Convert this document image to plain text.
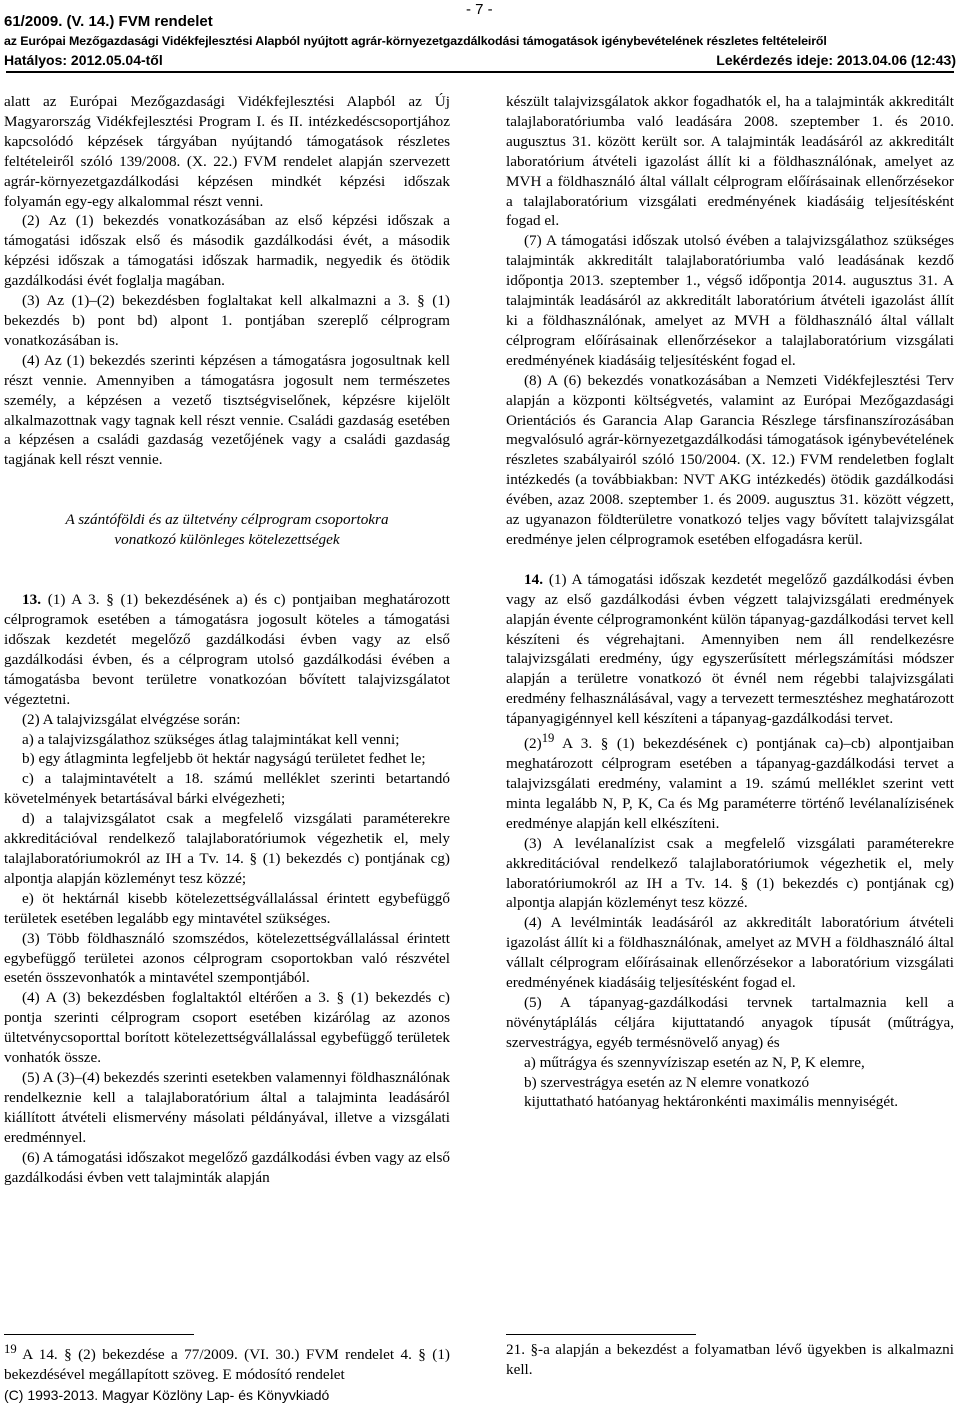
61/2009. (V. 14.) FVM rendelet
- 7 -
az Európai Mezőgazdasági Vidékfejlesztési Alapból nyújtott agrár-környezetgazdálkodási támogatások igénybevételének részletes feltételeiről
Hatályos: 2012.05.04-től	Lekérdezés ideje: 2013.04.06 (12:43)

alatt az Európai Mezőgazdasági Vidékfejlesztési Alapból az Új Magyarország Vidékfejlesztési Program I. és II. intézkedéscsoportjához kapcsolódó képzések tárgyában nyújtandó támogatások részletes feltételeiről szóló 139/2008. (X. 22.) FVM rendelet alapján szervezett agrár-környezetgazdálkodási képzésen mindkét képzési időszak folyamán egy-egy alkalommal részt venni.

(2) Az (1) bekezdés vonatkozásában az első képzési időszak a támogatási időszak első és második gazdálkodási évét, a második képzési időszak a támogatási időszak harmadik, negyedik és ötödik gazdálkodási évét foglalja magában.

(3) Az (1)–(2) bekezdésben foglaltakat kell alkalmazni a 3. § (1) bekezdés b) pont bd) alpont 1. pontjában szereplő célprogram vonatkozásában is.

(4) Az (1) bekezdés szerinti képzésen a támogatásra jogosultnak kell részt vennie. Amennyiben a támogatásra jogosult nem természetes személy, a képzésen a vezető tisztségviselőnek, képzésre kijelölt alkalmazottnak vagy tagnak kell részt vennie. Családi gazdaság esetében a képzésen a családi gazdaság vezetőjének vagy a családi gazdaság tagjának kell részt vennie.

A szántóföldi és az ültetvény célprogram csoportokra
vonatkozó különleges kötelezettségek

13. (1) A 3. § (1) bekezdésének a) és c) pontjaiban meghatározott célprogramok esetében a támogatásra jogosult köteles a támogatási időszak kezdetét megelőző gazdálkodási évben vagy az első gazdálkodási évben, és a célprogram utolsó gazdálkodási évében a támogatásba bevont területre vonatkozóan bővített talajvizsgálatot végeztetni.

(2) A talajvizsgálat elvégzése során:

a) a talajvizsgálathoz szükséges átlag talajmintákat kell venni;

b) egy átlagminta legfeljebb öt hektár nagyságú területet fedhet le;

c) a talajmintavételt a 18. számú melléklet szerinti betartandó követelmények betartásával bárki elvégezheti;

d) a talajvizsgálatot csak a megfelelő vizsgálati paraméterekre akkreditációval rendelkező talajlaboratóriumok végezhetik el, mely talajlaboratóriumokról az IH a Tv. 14. § (1) bekezdés c) pontjának cg) alpontja alapján közleményt tesz közzé;

e) öt hektárnál kisebb kötelezettségvállalással érintett egybefüggő területek esetében legalább egy mintavétel szükséges.

(3) Több földhasználó szomszédos, kötelezettségvállalással érintett egybefüggő területei azonos célprogram csoportokban való részvétel esetén összevonhatók a mintavétel szempontjából.

(4) A (3) bekezdésben foglaltaktól eltérően a 3. § (1) bekezdés c) pontja szerinti célprogram csoport esetében kizárólag az azonos ültetvénycsoporttal borított kötelezettségvállalással egybefüggő területek vonhatók össze.

(5) A (3)–(4) bekezdés szerinti esetekben valamennyi földhasználónak rendelkeznie kell a talajlaboratórium által a talajminta leadásáról kiállított átvételi elismervény másolati példányával, illetve a vizsgálati eredménnyel.

(6) A támogatási időszakot megelőző gazdálkodási évben vagy az első gazdálkodási évben vett talajminták alapján

készült talajvizsgálatok akkor fogadhatók el, ha a talajminták akkreditált talajlaboratóriumba való leadására 2008. szeptember 1. és 2010. augusztus 31. között került sor. A talajminták leadásáról az akkreditált laboratórium átvételi igazolást állít ki a földhasználónak, amelyet az MVH a földhasználó által vállalt célprogram előírásainak ellenőrzésekor a talajlaboratórium vizsgálati eredményének kiadásáig teljesítésként fogad el.

(7) A támogatási időszak utolsó évében a talajvizsgálathoz szükséges talajminták akkreditált talajlaboratóriumba való leadásának kezdő időpontja 2013. szeptember 1., végső időpontja 2014. augusztus 31. A talajminták leadásáról az akkreditált laboratórium átvételi igazolást állít ki a földhasználónak, amelyet az MVH a földhasználó által vállalt célprogram előírásainak ellenőrzésekor a talajlaboratórium vizsgálati eredményének kiadásáig teljesítésként fogad el.

(8) A (6) bekezdés vonatkozásában a Nemzeti Vidékfejlesztési Terv alapján a központi költségvetés, valamint az Európai Mezőgazdasági Orientációs és Garancia Alap Garancia Részlege társfinanszírozásában megvalósuló agrár-környezetgazdálkodási támogatások igénybevételének részletes szabályairól szóló 150/2004. (X. 12.) FVM rendeletben foglalt intézkedés (a továbbiakban: NVT AKG intézkedés) ötödik gazdálkodási évében, azaz 2008. szeptember 1. és 2009. augusztus 31. között végzett, az ugyanazon földterületre vonatkozó teljes vagy bővített talajvizsgálat eredménye jelen célprogramok esetében elfogadásra kerül.

14. (1) A támogatási időszak kezdetét megelőző gazdálkodási évben vagy az első gazdálkodási évben végzett talajvizsgálati eredmények alapján évente célprogramonként külön tápanyag-gazdálkodási tervet kell készíteni és végrehajtani. Amennyiben nem áll rendelkezésre talajvizsgálati eredmény, úgy egyszerűsített mérlegszámítási módszer alapján a területre vonatkozó öt évnél nem régebbi talajvizsgálati eredmény felhasználásával, vagy a tervezett termesztéshez meghatározott tápanyagigénnyel kell készíteni a tápanyag-gazdálkodási tervet.

$(2)^{19}$ A 3. § (1) bekezdésének c) pontjának ca)–cb) alpontjaiban meghatározott célprogram esetében a tápanyag-gazdálkodási tervet a talajvizsgálati eredmény, valamint a 19. számú melléklet szerint vett minta legalább N, P, K, Ca és Mg paraméterre történő levélanalízisének eredménye alapján kell elkészíteni.

(3) A levélanalízist csak a megfelelő vizsgálati paraméterekre akkreditációval rendelkező talajlaboratóriumok végezhetik el, mely laboratóriumokról az IH a Tv. 14. § (1) bekezdés c) pontjának cg) alpontja alapján közleményt tesz közzé.

(4) A levélminták leadásáról az akkreditált laboratórium átvételi igazolást állít ki a földhasználónak, amelyet az MVH a földhasználó által vállalt célprogram előírásainak ellenőrzésekor a laboratórium vizsgálati eredményének kiadásáig teljesítésként fogad el.

(5) A tápanyag-gazdálkodási tervnek tartalmaznia kell a növénytáplálás céljára kijuttatandó anyagok típusát (műtrágya, szervestrágya, egyéb termésnövelő anyag) és

a) műtrágya és szennyvíziszap esetén az N, P, K elemre,

b) szervestrágya esetén az N elemre vonatkozó

kijuttatható hatóanyag hektáronkénti maximális mennyiségét.

$^{19}$ A 14. § (2) bekezdése a 77/2009. (VI. 30.) FVM rendelet 4. § (1) bekezdésével megállapított szöveg. E módosító rendelet
21. §-a alapján a bekezdést a folyamatban lévő ügyekben is alkalmazni kell.
(C) 1993-2013. Magyar Közlöny Lap- és Könyvkiadó
